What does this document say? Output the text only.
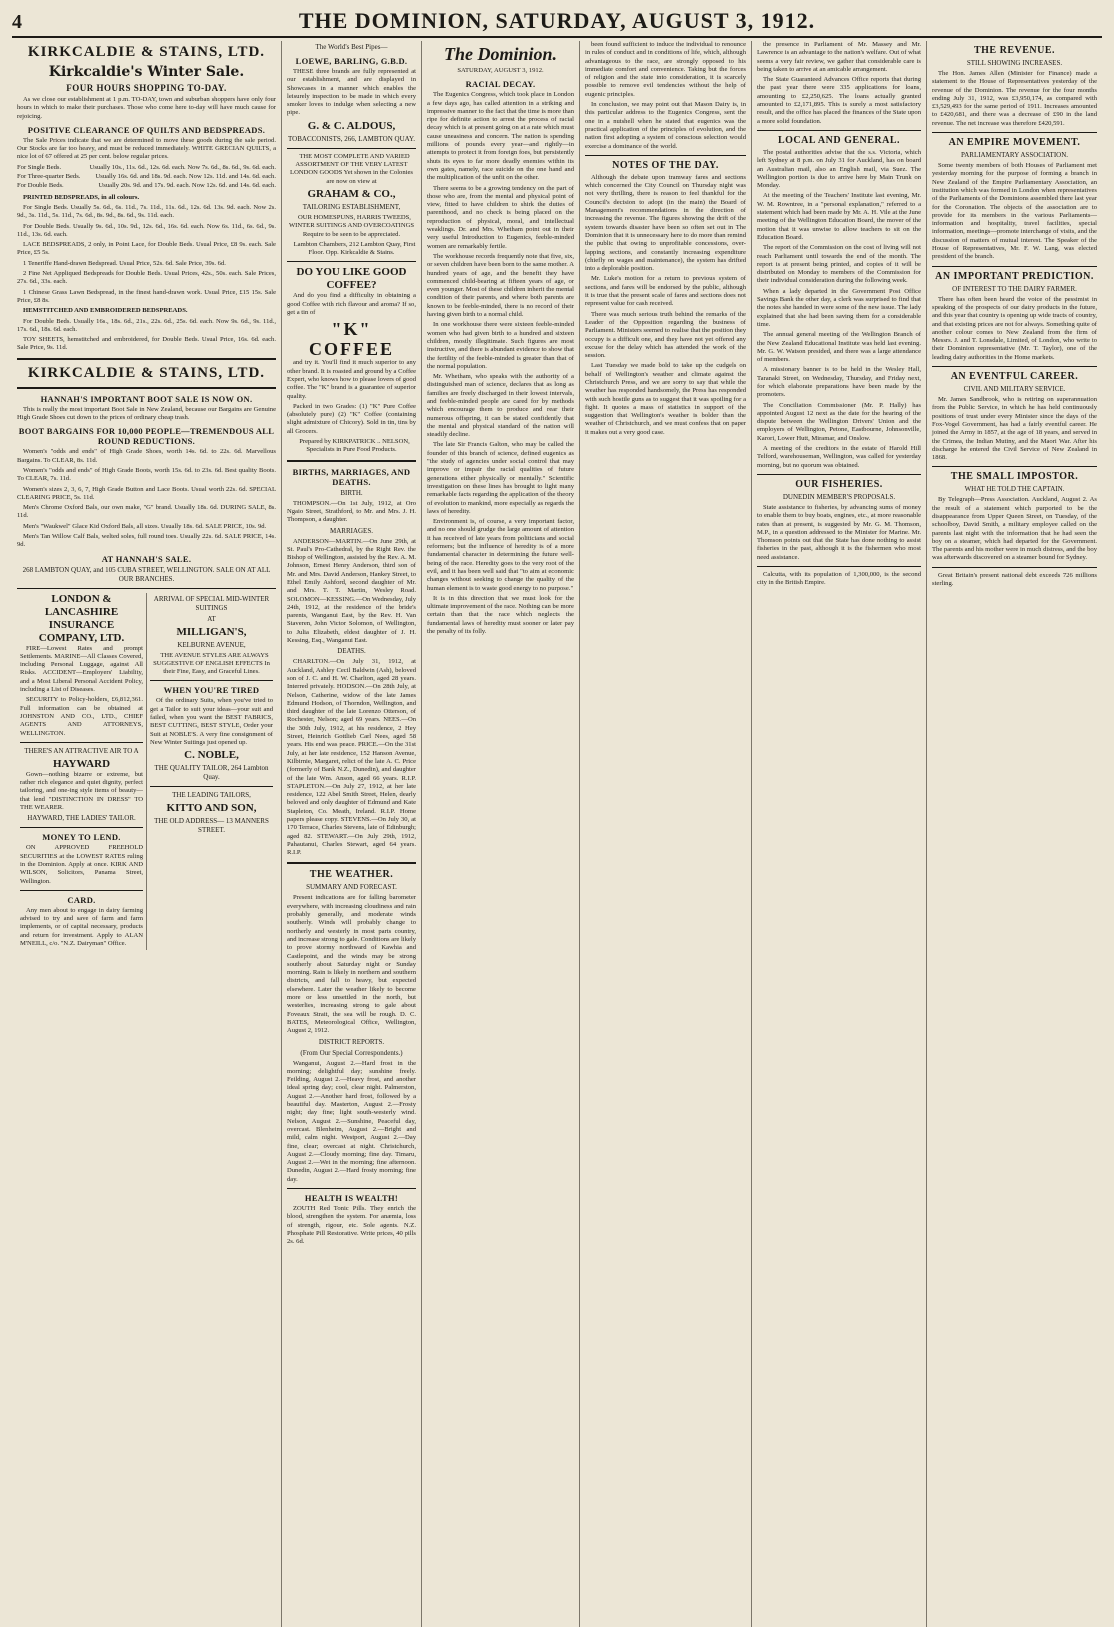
4	THE DOMINION, SATURDAY, AUGUST 3, 1912.
KIRKCALDIE & STAINS, LTD.
Kirkcaldie's Winter Sale.
FOUR HOURS SHOPPING TO-DAY.
As we close our establishment at 1 p.m. TO-DAY, town and suburban shoppers have only four hours in which to make their purchases. Those who come here to-day will have much cause for rejoicing.
POSITIVE CLEARANCE OF QUILTS AND BEDSPREADS.
The Sale Prices indicate that we are determined to move these goods during the sale period. Our Stocks are far too heavy, and must be reduced immediately. WHITE GRECIAN QUILTS, a nice lot of 67 offered at 25 per cent. below regular prices.
For Single Beds.	Usually 10s., 11s. 6d., 12s. 6d. each. Now 7s. 6d., 8s. 6d., 9s. 6d. each.
For Three-quarter Beds.	Usually 16s. 6d. and 18s. 9d. each. Now 12s. 11d. and 14s. 6d. each.
For Double Beds.	Usually 20s. 9d. and 17s. 9d. each. Now 12s. 6d. and 14s. 6d. each.
PRINTED BEDSPREADS, in all colours.
For Single Beds. Usually 5s. 6d., 6s. 11d., 7s. 11d., 11s. 6d., 12s. 6d. 13s. 9d. each. Now 2s. 9d., 3s. 11d., 5s. 11d., 7s. 6d., 8s. 9d., 8s. 6d., 9s. 11d. each.
For Double Beds. Usually 9s. 6d., 10s. 9d., 12s. 6d., 16s. 6d. each. Now 6s. 11d., 6s. 6d., 9s. 11d., 13s. 6d. each.
LACE BEDSPREADS, 2 only, in Point Lace, for Double Beds. Usual Price, £8 9s. each. Sale Price, £5 5s.
1 Teneriffe Hand-drawn Bedspread. Usual Price, 52s. 6d. Sale Price, 39s. 6d.
2 Fine Net Appliqued Bedspreads for Double Beds. Usual Prices, 42s., 50s. each. Sale Prices, 27s. 6d., 33s. each.
1 Chinese Grass Lawn Bedspread, in the finest hand-drawn work. Usual Price, £15 15s. Sale Price, £8 8s.
HEMSTITCHED AND EMBROIDERED BEDSPREADS.
For Double Beds. Usually 16s., 18s. 6d., 21s., 22s. 6d., 25s. 6d. each. Now 9s. 6d., 9s. 11d., 17s. 6d., 18s. 6d. each.
TOY SHEETS, hemstitched and embroidered, for Double Beds. Usual Price, 16s. 6d. each. Sale Price, 9s. 11d.
KIRKCALDIE & STAINS, LTD.
HANNAH'S IMPORTANT BOOT SALE IS NOW ON.
This is really the most important Boot Sale in New Zealand, because our Bargains are Genuine High Grade Shoes cut down to the prices of ordinary cheap trash.
BOOT BARGAINS FOR 10,000 PEOPLE—TREMENDOUS ALL ROUND REDUCTIONS.
Women's "odds and ends" of High Grade Shoes, worth 14s. 6d. to 22s. 6d. Marvellous Bargains. To CLEAR, 8s. 11d.
Women's "odds and ends" of High Grade Boots, worth 15s. 6d. to 23s. 6d. Best quality Boots. To CLEAR, 7s. 11d.
Women's sizes 2, 3, 6, 7, High Grade Button and Lace Boots. Usual worth 22s. 6d. SPECIAL CLEARING PRICE, 5s. 11d.
Men's Chrome Oxford Bals, our own make, "G" brand. Usually 18s. 6d. DURING SALE, 8s. 11d.
Men's "Waukwel" Glace Kid Oxford Bals, all sizes. Usually 18s. 6d. SALE PRICE, 10s. 9d.
Men's Tan Willow Calf Bals, welted soles, full round toes. Usually 22s. 6d. SALE PRICE, 14s. 9d.
AT HANNAH'S SALE.
268 LAMBTON QUAY, and 105 CUBA STREET, WELLINGTON. SALE ON AT ALL OUR BRANCHES.
LONDON & LANCASHIRE INSURANCE COMPANY, LTD.
FIRE—Lowest Rates and prompt Settlements. MARINE—All Classes Covered, including Personal Luggage, against All Risks. ACCIDENT—Employers' Liability, and a Most Liberal Personal Accident Policy, including a List of Diseases.
SECURITY to Policy-holders, £6,812,361. Full information can be obtained at JOHNSTON AND CO., LTD., CHIEF AGENTS AND ATTORNEYS, WELLINGTON.
THERE'S AN ATTRACTIVE AIR TO A
HAYWARD
Gown—nothing bizarre or extreme, but rather rich elegance and quiet dignity, perfect tailoring, and one-ing style items of beauty—that lend "DISTINCTION IN DRESS" TO THE WEARER.
HAYWARD, THE LADIES' TAILOR.
MONEY TO LEND.
ON APPROVED FREEHOLD SECURITIES at the LOWEST RATES ruling in the Dominion. Apply at once. KIRK AND WILSON, Solicitors, Panama Street, Wellington.
CARD.
Any men about to engage in dairy farming advised to try and save of farm and farm implements, or of capital necessary, products and return for investment. Apply to ALAN M'NEILL, c/o. "N.Z. Dairyman" Office.
ARRIVAL OF SPECIAL MID-WINTER SUITINGS
AT
MILLIGAN'S,
KELBURNE AVENUE,
THE AVENUE STYLES ARE ALWAYS SUGGESTIVE OF ENGLISH EFFECTS In their Fine, Easy, and Graceful Lines.
WHEN YOU'RE TIRED
Of the ordinary Suits, when you've tried to get a Tailor to suit your ideas—your suit and failed, when you want the BEST FABRICS, BEST CUTTING, BEST STYLE, Order your Suit at NOBLE'S. A very fine consignment of New Winter Suitings just opened up.
C. NOBLE,
THE QUALITY TAILOR, 264 Lambton Quay.
THE LEADING TAILORS,
KITTO AND SON,
THE OLD ADDRESS— 13 MANNERS STREET.
The World's Best Pipes—
LOEWE, BARLING, G.B.D.
THESE three brands are fully represented at our establishment, and are displayed in Showcases in a manner which enables the leisurely inspection to be made in which every smoker loves to indulge when selecting a new pipe.
G. & C. ALDOUS,
TOBACCONISTS, 266, LAMBTON QUAY.
THE MOST COMPLETE AND VARIED ASSORTMENT OF THE VERY LATEST LONDON GOODS Yet shown in the Colonies are now on view at
GRAHAM & CO.,
TAILORING ESTABLISHMENT,
OUR HOMESPUNS, HARRIS TWEEDS, WINTER SUITINGS AND OVERCOATINGS Require to be seen to be appreciated.
Lambton Chambers, 212 Lambton Quay, First Floor. Opp. Kirkcaldie & Stains.
DO YOU LIKE GOOD COFFEE?
And do you find a difficulty in obtaining a good Coffee with rich flavour and aroma? If so, get a tin of
"K" COFFEE
and try it. You'll find it much superior to any other brand. It is roasted and ground by a Coffee Expert, who knows how to please lovers of good coffee. The "K" brand is a guarantee of superior quality.
Packed in two Grades: (1) "K" Pure Coffee (absolutely pure) (2) "K" Coffee (containing slight admixture of Chicory). Sold in tin, tins by all Grocers.
Prepared by KIRKPATRICK .. NELSON, Specialists in Pure Food Products.
BIRTHS, MARRIAGES, AND DEATHS.
BIRTH.
THOMPSON.—On 1st July, 1912, at Oro Ngaio Street, Strathford, to Mr. and Mrs. J. H. Thompson, a daughter.
MARRIAGES.
ANDERSON—MARTIN.—On June 29th, at St. Paul's Pro-Cathedral, by the Right Rev. the Bishop of Wellington, assisted by the Rev. A. M. Johnson, Ernest Henry Anderson, third son of Mr. and Mrs. David Anderson, Hankey Street, to Ethel Emily Ashford, second daughter of Mr. and Mrs. T. T. Martin, Wesley Road. SOLOMON—KESSING.—On Wednesday, July 24th, 1912, at the residence of the bride's parents, Wanganui East, by the Rev. H. Van Staveren, John Victor Solomon, of Wellington, to Julia Elizabeth, eldest daughter of J. H. Kessing, Esq., Wanganui East.
DEATHS.
CHARLTON.—On July 31, 1912, at Auckland, Ashley Cecil Baldwin (Ash), beloved son of J. C. and H. W. Charlton, aged 28 years. Interred privately. HODSON.—On 28th July, at Nelson, Catherine, widow of the late James Edmund Hodson, of Thorndon, Wellington, and third daughter of the late Lorenzo Otterson, of Rochester, Nelson; aged 69 years. NEES.—On the 30th July, 1912, at his residence, 2 Hey Street, Heinrich Gottlieb Carl Nees, aged 58 years. His end was peace. PRICE.—On the 31st July, at her late residence, 152 Hanson Avenue, Kilbirnie, Margaret, relict of the late A. C. Price (formerly of Bank N.Z., Dunedin), and daughter of the late Wm. Anson, aged 66 years. R.I.P. STAPLETON.—On July 27, 1912, at her late residence, 122 Abel Smith Street, Helen, dearly beloved and only daughter of Edmund and Kate Stapleton, Co. Meath, Ireland. R.I.P. Home papers please copy. STEVENS.—On July 30, at 170 Terrace, Charles Stevens, late of Edinburgh; aged 82. STEWART.—On July 29th, 1912, Pahautanui, Charles Stewart, aged 64 years. R.I.P.
THE WEATHER.
SUMMARY AND FORECAST.
Present indications are for falling barometer everywhere, with increasing cloudiness and rain probably generally, and moderate winds southerly. Winds will probably change to northerly and westerly in most parts country, and increase strong to gale. Conditions are likely to prove stormy northward of Kawhia and Castlepoint, and the winds may be strong southerly about Saturday night or Sunday morning. Rain is likely in northern and southern districts, and fall to heavy, but expected elsewhere. Later the weather likely to become more or less unsettled in the north, but westerlies, increasing strong to gale about Foveaux Strait, the sea will be rough. D. C. BATES, Meteorological Office, Wellington, August 2, 1912.
DISTRICT REPORTS.
(From Our Special Correspondents.)
Wanganui, August 2.—Hard frost in the morning; delightful day; sunshine freely. Feilding, August 2.—Heavy frost, and another ideal spring day; cool, clear night. Palmerston, August 2.—Another hard frost, followed by a beautiful day. Masterton, August 2.—Frosty night; day fine; light south-westerly wind. Nelson, August 2.—Sunshine, Peaceful day, overcast. Blenheim, August 2.—Bright and mild, calm night. Westport, August 2.—Day fine, clear; overcast at night. Christchurch, August 2.—Cloudy morning; fine day. Timaru, August 2.—Wet in the morning; fine afternoon. Dunedin, August 2.—Hard frosty morning; fine day.
HEALTH IS WEALTH!
ZOUTH Red Tonic Pills. They enrich the blood, strengthen the system. For anæmia, loss of strength, rigour, etc. Sole agents. N.Z. Phosphate Pill Restorative. Write prices, 40 pills 2s. 6d.
The Dominion.
SATURDAY, AUGUST 3, 1912.
RACIAL DECAY.
The Eugenics Congress, which took place in London a few days ago, has called attention in a striking and impressive manner to the fact that the time is more than ripe for definite action to arrest the process of racial decay which is at present going on at a rate which must cause uneasiness and concern. The nation is spending millions of pounds every year—and rightly—in attempts to protect it from foreign foes, but persistently shuts its eyes to far more deadly enemies within its own gates, namely, race suicide on the one hand and the multiplication of the unfit on the other.
There seems to be a growing tendency on the part of those who are, from the mental and physical point of view, fitted to have children to shirk the duties of parenthood, and no check is being placed on the reproduction of physical, moral, and intellectual weaklings. Dr. and Mrs. Whetham point out in their very useful Introduction to Eugenics, feeble-minded women are remarkably fertile.
The workhouse records frequently note that five, six, or seven children have been born to the same mother. A hundred years of age, and the benefit they have commenced child-bearing at fifteen years of age, or even younger. Most of these children inherit the mental condition of their parents, and where both parents are known to be feeble-minded, there is no record of their having given birth to a normal child.
In one workhouse there were sixteen feeble-minded women who had given birth to a hundred and sixteen children, mostly illegitimate. Such figures are most instructive, and there is abundant evidence to show that the fertility of the feeble-minded is greater than that of the normal population.
Mr. Whetham, who speaks with the authority of a distinguished man of science, declares that as long as families are freely discharged in their lowest intervals, and feeble-minded people are cared for by methods which encourage them to produce and rear their numerous offspring, it can be stated confidently that the mental and physical standard of the nation will steadily decline.
The late Sir Francis Galton, who may be called the founder of this branch of science, defined eugenics as "the study of agencies under social control that may improve or impair the racial qualities of future generations either physically or mentally." Scientific investigation on these lines has brought to light many remarkable facts regarding the application of the theory of evolution to mankind, more especially as regards the laws of heredity.
Environment is, of course, a very important factor, and no one should grudge the large amount of attention it has received of late years from politicians and social reformers; but the influence of heredity is of a more fundamental character in determining the future well-being of the race. Heredity goes to the very root of the evil, and it has been well said that "to aim at economic changes without seeking to change the quality of the human element is to waste good energy to no purpose."
It is in this direction that we must look for the ultimate improvement of the race. Nothing can be more certain than that the race which neglects the fundamental laws of heredity must sooner or later pay the penalty of its folly.
been found sufficient to induce the individual to renounce in rules of conduct and in conditions of life, which, although advantageous to the race, are strongly opposed to his immediate comfort and convenience. Taking but the forces of religion and the state into consideration, it is scarcely possible to remove evil tendencies without the help of eugenic principles.
In conclusion, we may point out that Mason Dairy is, in this particular address to the Eugenics Congress, sent the one in a nutshell when he stated that eugenics was the practical application of the principles of evolution, and the nation first adopting a system of conscious selection would exercise a dominance of the world.
NOTES OF THE DAY.
Although the debate upon tramway fares and sections which concerned the City Council on Thursday night was not very thrilling, there is reason to feel thankful for the Council's decision to adopt (in the main) the Board of Management's recommendations in the direction of increasing the revenue. The figures showing the drift of the system towards disaster have been so often set out in The Dominion that it is unnecessary here to do more than remind the public that owing to unprofitable concessions, over-lapping sections, and constantly increasing expenditure (chiefly on wages and maintenance), the system has drifted into a deplorable position.
Mr. Luke's motion for a return to previous system of sections, and fares will be endorsed by the public, although it is true that the present scale of fares and sections does not represent value for cash received.
There was much serious truth behind the remarks of the Leader of the Opposition regarding the business of Parliament. Ministers seemed to realise that the position they occupy is a difficult one, and they have not yet offered any excuse for the delay which has attended the work of the session.
Last Tuesday we made bold to take up the cudgels on behalf of Wellington's weather and climate against the Christchurch Press, and we are sorry to say that while the weather has responded handsomely, the Press has responded with such hostile guns as to suggest that it was spoiling for a fight. It quotes a mass of statistics in support of the suggestion that Wellington's weather is bolder than the weather of Christchurch, and we must confess that on paper it makes out a very good case.
the presence in Parliament of Mr. Massey and Mr. Lawrence is an advantage to the nation's welfare. Out of what seems a very fair review, we gather that considerable care is being taken to arrive at an amicable arrangement.
The State Guaranteed Advances Office reports that during the past year there were 335 applications for loans, amounting to £2,250,625. The loans actually granted amounted to £2,171,895. This is surely a most satisfactory result, and the office has placed the finances of the State upon a more solid foundation.
LOCAL AND GENERAL.
The postal authorities advise that the s.s. Victoria, which left Sydney at 8 p.m. on July 31 for Auckland, has on board an Australian mail, also an English mail, via Suez. The Wellington portion is due to arrive here by Main Trunk on Monday.
At the meeting of the Teachers' Institute last evening, Mr. W. M. Rowntree, in a "personal explanation," referred to a statement which had been made by Mr. A. H. Vile at the June meeting of the Wellington Education Board, the mover of the motion that it was unwise to allow teachers to sit on the Education Board.
The report of the Commission on the cost of living will not reach Parliament until towards the end of the month. The report is at present being printed, and copies of it will be distributed on Monday to members of the Commission for their individual consideration during the following week.
When a lady departed in the Government Post Office Savings Bank the other day, a clerk was surprised to find that the notes she handed in were some of the new issue. The lady explained that she had been saving them for a considerable time.
The annual general meeting of the Wellington Branch of the New Zealand Educational Institute was held last evening. Mr. G. W. Watson presided, and there was a large attendance of members.
A missionary banner is to be held in the Wesley Hall, Taranaki Street, on Wednesday, Thursday, and Friday next, for which elaborate preparations have been made by the promoters.
The Conciliation Commissioner (Mr. P. Hally) has appointed August 12 next as the date for the hearing of the dispute between the Wellington Drivers' Union and the employers of Wellington, Petone, Eastbourne, Johnsonville, Karori, Lower Hutt, Miramar, and Onslow.
A meeting of the creditors in the estate of Harold Hill Telford, warehouseman, Wellington, was called for yesterday morning, but no quorum was obtained.
OUR FISHERIES.
DUNEDIN MEMBER'S PROPOSALS.
State assistance to fisheries, by advancing sums of money to enable them to buy boats, engines, etc., at more reasonable rates than at present, is suggested by Mr. G. M. Thomson, M.P., in a question addressed to the Minister for Marine. Mr. Thomson points out that the State has done nothing to assist fisheries in the past, although it is the fishermen who most need assistance.
Calcutta, with its population of 1,300,000, is the second city in the British Empire.
THE REVENUE.
STILL SHOWING INCREASES.
The Hon. James Allen (Minister for Finance) made a statement to the House of Representatives yesterday of the revenue of the Dominion. The revenue for the four months ending July 31, 1912, was £3,950,174, as compared with £3,529,493 for the same period of 1911. Increases amounted to £420,681, and there was a decrease of £90 in the land revenue. The net increase was therefore £420,591.
AN EMPIRE MOVEMENT.
PARLIAMENTARY ASSOCIATION.
Some twenty members of both Houses of Parliament met yesterday morning for the purpose of forming a branch in New Zealand of the Empire Parliamentary Association, an institution which was formed in London when representatives of the Parliaments of the Dominions assembled there last year for the Coronation. The objects of the association are to provide for its members in the various Parliaments—information and hospitality, travel facilities, special information, meetings—promote interchange of visits, and the discussion of matters of mutual interest. The Speaker of the House of Representatives, Mr. F. W. Lang, was elected president of the branch.
AN IMPORTANT PREDICTION.
OF INTEREST TO THE DAIRY FARMER.
There has often been heard the voice of the pessimist in speaking of the prospects of our dairy products in the future, and this year that country is opening up wide tracts of country, and that existing prices are not for always. Something quite of another colour comes to New Zealand from the firm of Messrs. J. and T. Lonsdale, Limited, of London, who write to their Dominion representative (Mr. T. Taylor), one of the leading dairy authorities in the Home markets.
AN EVENTFUL CAREER.
CIVIL AND MILITARY SERVICE.
Mr. James Sandbrook, who is retiring on superannuation from the Public Service, in which he has held continuously positions of trust under every Minister since the days of the Fox-Vogel Government, has had a fairly eventful career. He joined the Army in 1857, at the age of 18 years, and served in the Crimea, the Indian Mutiny, and the Maori War. After his discharge he entered the Civil Service of New Zealand in 1868.
THE SMALL IMPOSTOR.
WHAT HE TOLD THE CAPTAIN.
By Telegraph—Press Association. Auckland, August 2. As the result of a statement which purported to be the disappearance from Upper Queen Street, on Tuesday, of the schoolboy, David Smith, a military employee called on the parents last night with the information that he had seen the boy on a steamer, which had departed for the Government. The parents and his mother were in much distress, and the boy was afterwards discovered on a steamer bound for Sydney.
Great Britain's present national debt exceeds 726 millions sterling.
